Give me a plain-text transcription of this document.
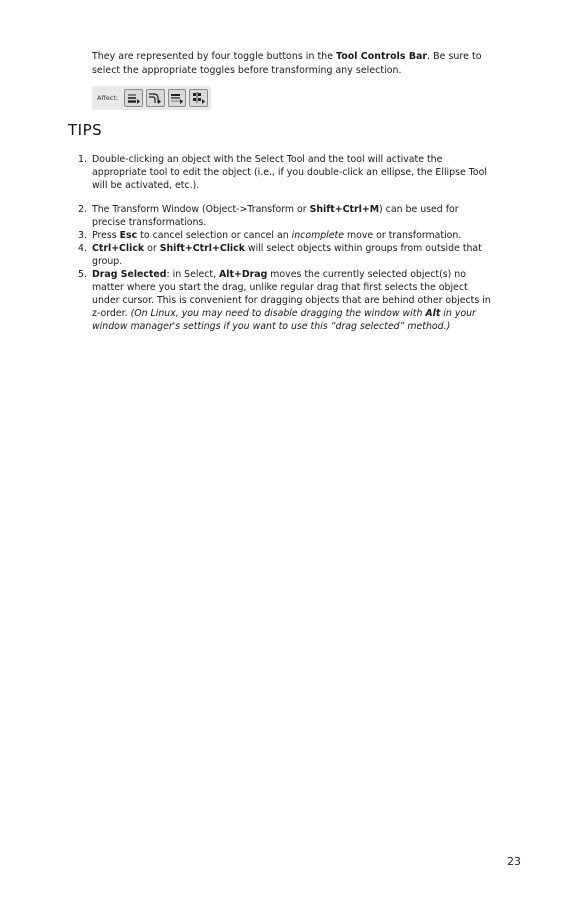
They are represented by four toggle buttons in the Tool Controls Bar. Be sure to select the appropriate toggles before transforming any selection.
Affect:
TIPS
1. Double-clicking an object with the Select Tool and the tool will activate the appropriate tool to edit the object (i.e., if you double-click an ellipse, the Ellipse Tool will be activated, etc.).
2. The Transform Window (Object->Transform or Shift+Ctrl+M) can be used for precise transformations.
3. Press Esc to cancel selection or cancel an incomplete move or transformation.
4. Ctrl+Click or Shift+Ctrl+Click will select objects within groups from outside that group.
5. Drag Selected: in Select, Alt+Drag moves the currently selected object(s) no matter where you start the drag, unlike regular drag that first selects the object under cursor. This is convenient for dragging objects that are behind other objects in z-order. (On Linux, you may need to disable dragging the window with Alt in your window manager's settings if you want to use this “drag selected” method.)
23
